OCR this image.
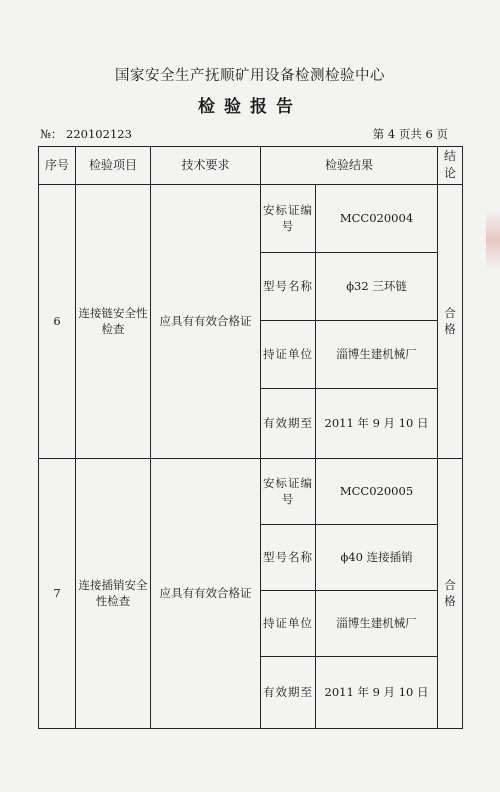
国家安全生产抚顺矿用设备检测检验中心
检验报告
№： 220102123	第 4 页共 6 页
序号	检验项目	技术要求	检验结果		结论
6	连接链安全性检查	应具有有效合格证	安标证编号	MCC020004	合格
			型号名称	ϕ32 三环链	
			持证单位	淄博生建机械厂	
			有效期至	2011 年 9 月 10 日	
7	连接插销安全性检查	应具有有效合格证	安标证编号	MCC020005	合格
			型号名称	ϕ40 连接插销	
			持证单位	淄博生建机械厂	
			有效期至	2011 年 9 月 10 日	
